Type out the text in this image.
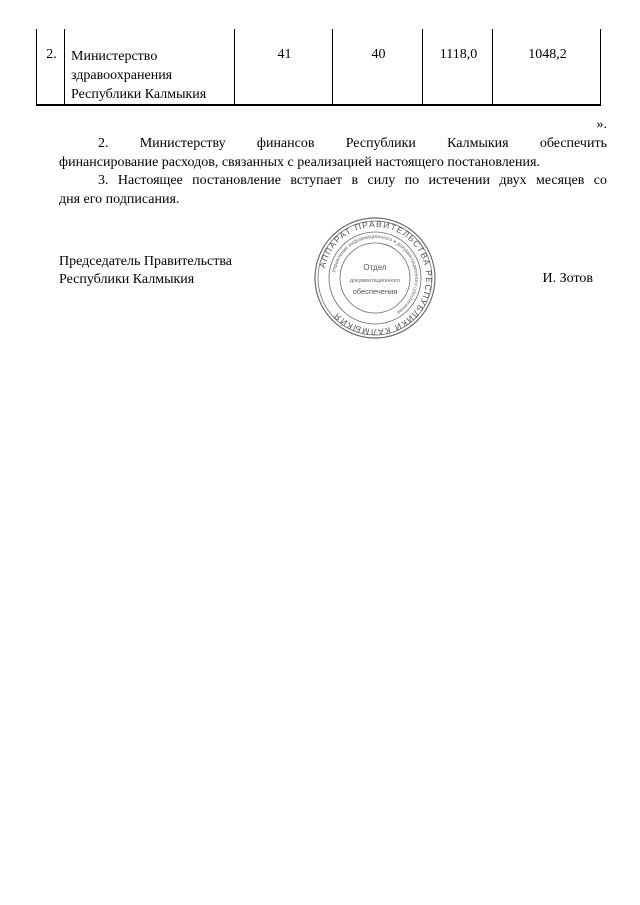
2.	Министерство
здравоохранения
Республики Калмыкия
	41	40	1118,0	1048,2
».
2. Министерству финансов Республики Калмыкия обеспечить
финансирование расходов, связанных с реализацией настоящего постановления.
3. Настоящее постановление вступает в силу по истечении двух месяцев со
дня его подписания.
Председатель Правительства
Республики Калмыкия	И. Зотов
АППАРАТ ПРАВИТЕЛЬСТВА РЕСПУБЛИКИ КАЛМЫКИЯ
Управление информационного и документационного обеспечения
Отдел
документационного
обеспечения
